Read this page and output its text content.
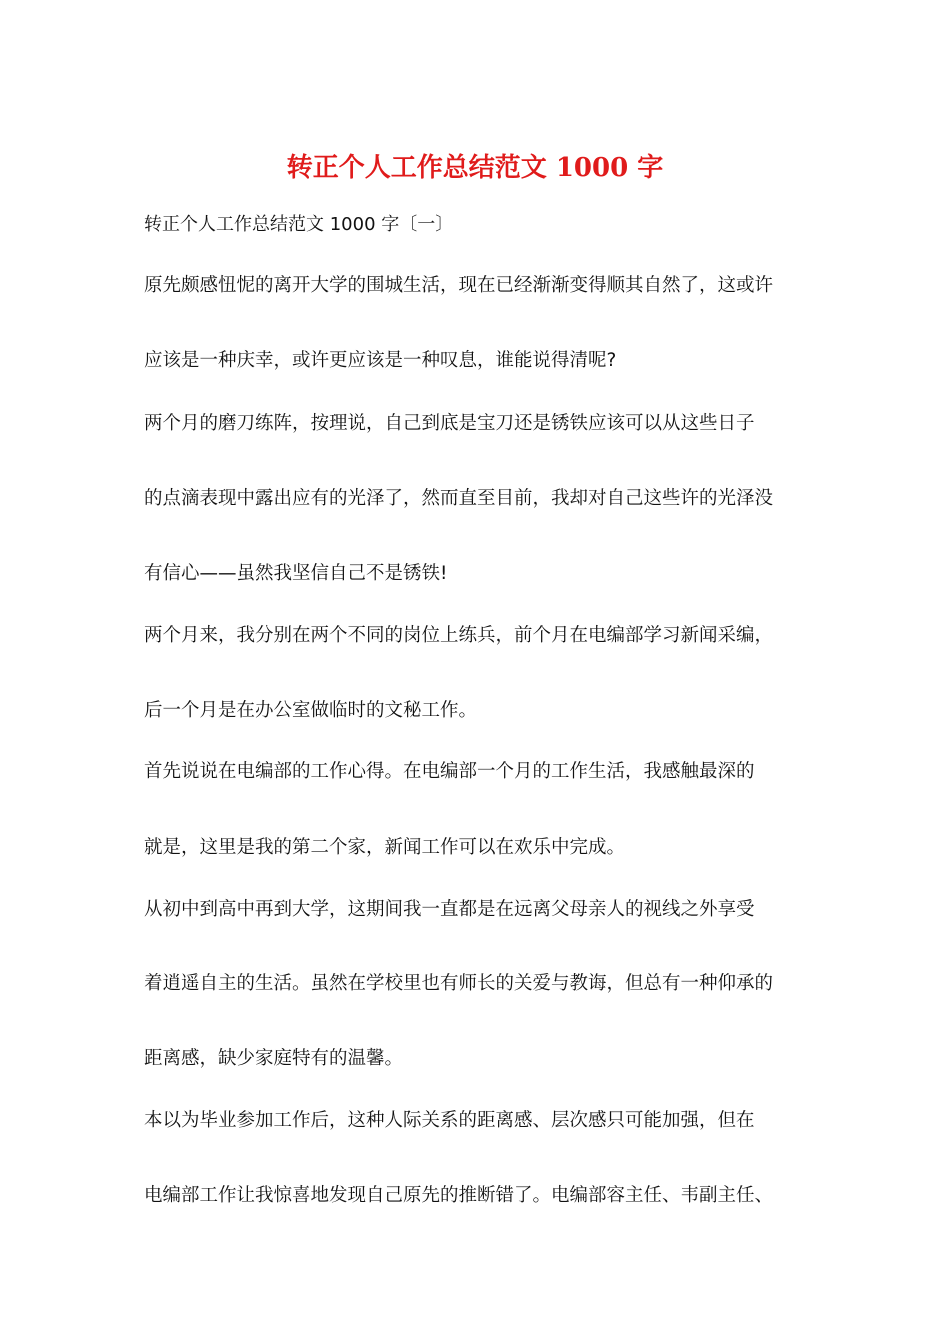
转正个人工作总结范文 1000 字

转正个人工作总结范文 1000 字〔一〕

原先颇感忸怩的离开大学的围城生活，现在已经渐渐变得顺其自然了，这或许

应该是一种庆幸，或许更应该是一种叹息，谁能说得清呢?

两个月的磨刀练阵，按理说，自己到底是宝刀还是锈铁应该可以从这些日子

的点滴表现中露出应有的光泽了，然而直至目前，我却对自己这些许的光泽没

有信心——虽然我坚信自己不是锈铁!

两个月来，我分别在两个不同的岗位上练兵，前个月在电编部学习新闻采编，

后一个月是在办公室做临时的文秘工作。

首先说说在电编部的工作心得。在电编部一个月的工作生活，我感触最深的

就是，这里是我的第二个家，新闻工作可以在欢乐中完成。

从初中到高中再到大学，这期间我一直都是在远离父母亲人的视线之外享受

着逍遥自主的生活。虽然在学校里也有师长的关爱与教诲，但总有一种仰承的

距离感，缺少家庭特有的温馨。

本以为毕业参加工作后，这种人际关系的距离感、层次感只可能加强，但在

电编部工作让我惊喜地发现自己原先的推断错了。电编部容主任、韦副主任、
